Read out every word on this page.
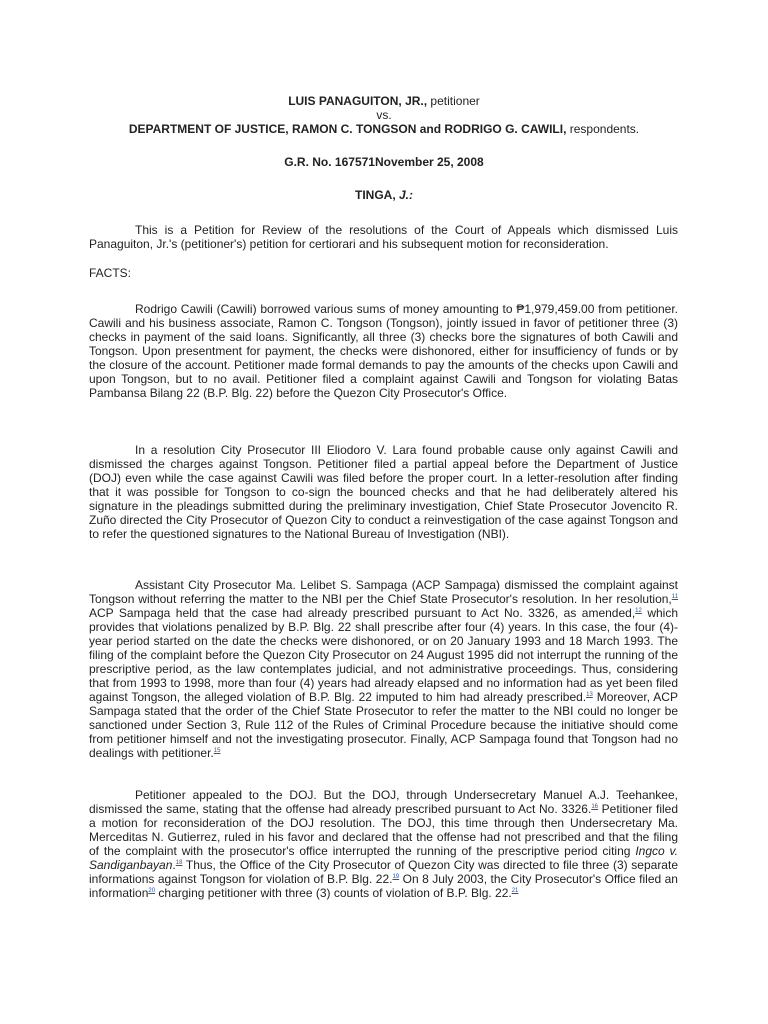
LUIS PANAGUITON, JR., petitioner
vs.
DEPARTMENT OF JUSTICE, RAMON C. TONGSON and RODRIGO G. CAWILI, respondents.
G.R. No. 167571November 25, 2008
TINGA, J.:

This is a Petition for Review of the resolutions of the Court of Appeals which dismissed Luis Panaguiton, Jr.'s (petitioner's) petition for certiorari and his subsequent motion for reconsideration.

FACTS:

Rodrigo Cawili (Cawili) borrowed various sums of money amounting to ₱1,979,459.00 from petitioner. Cawili and his business associate, Ramon C. Tongson (Tongson), jointly issued in favor of petitioner three (3) checks in payment of the said loans. Significantly, all three (3) checks bore the signatures of both Cawili and Tongson. Upon presentment for payment, the checks were dishonored, either for insufficiency of funds or by the closure of the account. Petitioner made formal demands to pay the amounts of the checks upon Cawili and upon Tongson, but to no avail. Petitioner filed a complaint against Cawili and Tongson for violating Batas Pambansa Bilang 22 (B.P. Blg. 22) before the Quezon City Prosecutor's Office.

In a resolution City Prosecutor III Eliodoro V. Lara found probable cause only against Cawili and dismissed the charges against Tongson. Petitioner filed a partial appeal before the Department of Justice (DOJ) even while the case against Cawili was filed before the proper court. In a letter-resolution after finding that it was possible for Tongson to co-sign the bounced checks and that he had deliberately altered his signature in the pleadings submitted during the preliminary investigation, Chief State Prosecutor Jovencito R. Zuño directed the City Prosecutor of Quezon City to conduct a reinvestigation of the case against Tongson and to refer the questioned signatures to the National Bureau of Investigation (NBI).

Assistant City Prosecutor Ma. Lelibet S. Sampaga (ACP Sampaga) dismissed the complaint against Tongson without referring the matter to the NBI per the Chief State Prosecutor's resolution. In her resolution,$^{11}$ ACP Sampaga held that the case had already prescribed pursuant to Act No. 3326, as amended,$^{12}$ which provides that violations penalized by B.P. Blg. 22 shall prescribe after four (4) years. In this case, the four (4)-year period started on the date the checks were dishonored, or on 20 January 1993 and 18 March 1993. The filing of the complaint before the Quezon City Prosecutor on 24 August 1995 did not interrupt the running of the prescriptive period, as the law contemplates judicial, and not administrative proceedings. Thus, considering that from 1993 to 1998, more than four (4) years had already elapsed and no information had as yet been filed against Tongson, the alleged violation of B.P. Blg. 22 imputed to him had already prescribed.$^{13}$ Moreover, ACP Sampaga stated that the order of the Chief State Prosecutor to refer the matter to the NBI could no longer be sanctioned under Section 3, Rule 112 of the Rules of Criminal Procedure because the initiative should come from petitioner himself and not the investigating prosecutor. Finally, ACP Sampaga found that Tongson had no dealings with petitioner.$^{15}$

Petitioner appealed to the DOJ. But the DOJ, through Undersecretary Manuel A.J. Teehankee, dismissed the same, stating that the offense had already prescribed pursuant to Act No. 3326.16 Petitioner filed a motion for reconsideration of the DOJ resolution. The DOJ, this time through then Undersecretary Ma. Merceditas N. Gutierrez, ruled in his favor and declared that the offense had not prescribed and that the filing of the complaint with the prosecutor's office interrupted the running of the prescriptive period citing Ingco v. Sandiganbayan.$^{18}$ Thus, the Office of the City Prosecutor of Quezon City was directed to file three (3) separate informations against Tongson for violation of B.P. Blg. 22.19 On 8 July 2003, the City Prosecutor's Office filed an information$^{20}$ charging petitioner with three (3) counts of violation of B.P. Blg. 22.21
